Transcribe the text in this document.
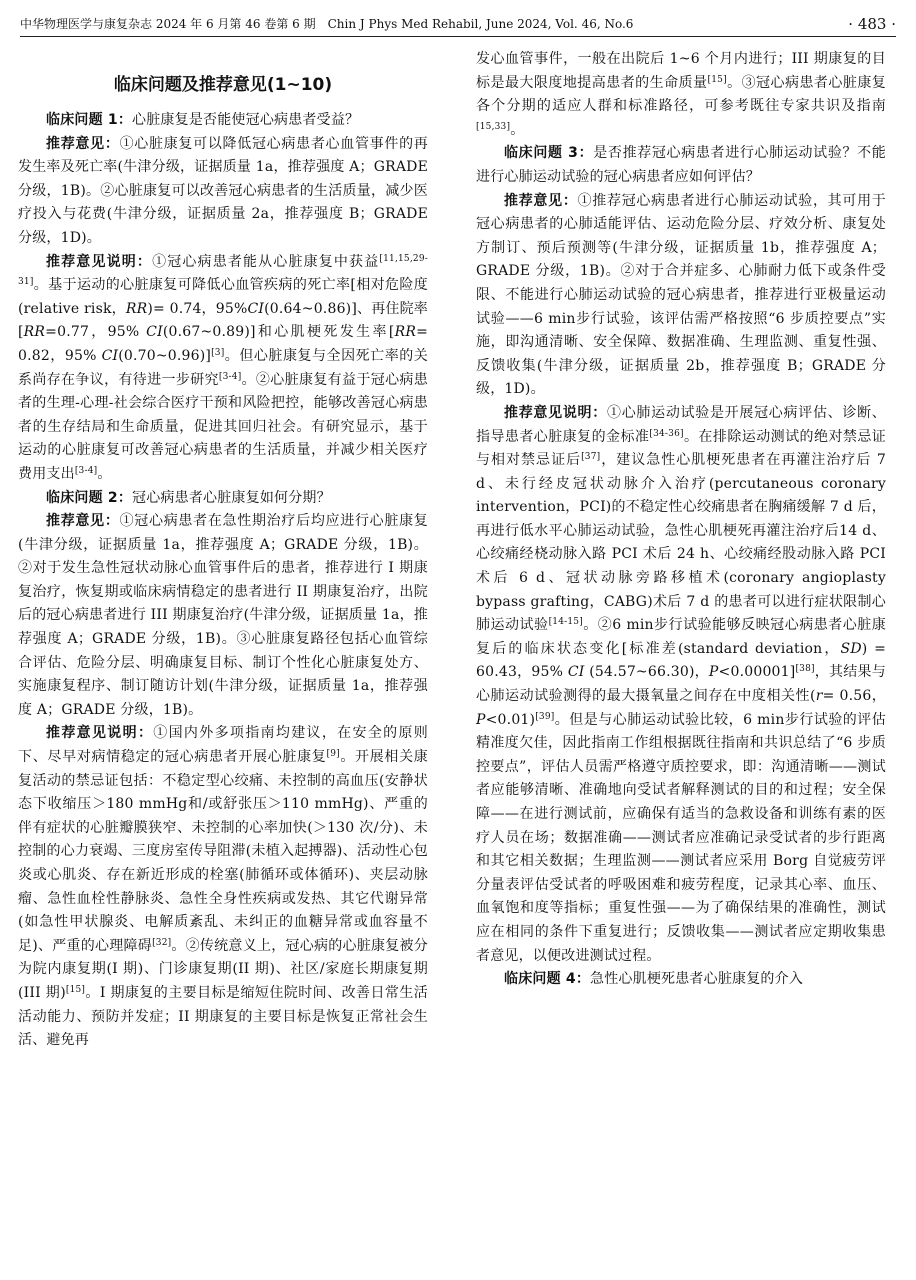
中华物理医学与康复杂志 2024 年 6 月第 46 卷第 6 期　Chin J Phys Med Rehabil, June 2024, Vol. 46, No.6	· 483 ·
临床问题及推荐意见(1~10)

临床问题 1：心脏康复是否能使冠心病患者受益？

推荐意见：①心脏康复可以降低冠心病患者心血管事件的再发生率及死亡率(牛津分级，证据质量 1a，推荐强度 A；GRADE 分级，1B)。②心脏康复可以改善冠心病患者的生活质量，减少医疗投入与花费(牛津分级，证据质量 2a，推荐强度 B；GRADE 分级，1D)。

推荐意见说明：①冠心病患者能从心脏康复中获益[11,15,29-31]。基于运动的心脏康复可降低心血管疾病的死亡率[相对危险度(relative risk，RR)= 0.74，95%CI(0.64~0.86)]、再住院率[RR=0.77，95% CI(0.67~0.89)]和心肌梗死发生率[RR= 0.82，95% CI(0.70~0.96)][3]。但心脏康复与全因死亡率的关系尚存在争议，有待进一步研究[3-4]。②心脏康复有益于冠心病患者的生理-心理-社会综合医疗干预和风险把控，能够改善冠心病患者的生存结局和生命质量，促进其回归社会。有研究显示，基于运动的心脏康复可改善冠心病患者的生活质量，并减少相关医疗费用支出[3-4]。

临床问题 2：冠心病患者心脏康复如何分期？

推荐意见：①冠心病患者在急性期治疗后均应进行心脏康复(牛津分级，证据质量 1a，推荐强度 A；GRADE 分级，1B)。②对于发生急性冠状动脉心血管事件后的患者，推荐进行 I 期康复治疗，恢复期或临床病情稳定的患者进行 II 期康复治疗，出院后的冠心病患者进行 III 期康复治疗(牛津分级，证据质量 1a，推荐强度 A；GRADE 分级，1B)。③心脏康复路径包括心血管综合评估、危险分层、明确康复目标、制订个性化心脏康复处方、实施康复程序、制订随访计划(牛津分级，证据质量 1a，推荐强度 A；GRADE 分级，1B)。

推荐意见说明：①国内外多项指南均建议，在安全的原则下、尽早对病情稳定的冠心病患者开展心脏康复[9]。开展相关康复活动的禁忌证包括：不稳定型心绞痛、未控制的高血压(安静状态下收缩压＞180 mmHg和/或舒张压＞110 mmHg)、严重的伴有症状的心脏瓣膜狭窄、未控制的心率加快(＞130 次/分)、未控制的心力衰竭、三度房室传导阻滞(未植入起搏器)、活动性心包炎或心肌炎、存在新近形成的栓塞(肺循环或体循环)、夹层动脉瘤、急性血栓性静脉炎、急性全身性疾病或发热、其它代谢异常(如急性甲状腺炎、电解质紊乱、未纠正的血糖异常或血容量不足)、严重的心理障碍[32]。②传统意义上，冠心病的心脏康复被分为院内康复期(I 期)、门诊康复期(II 期)、社区/家庭长期康复期(III 期)[15]。I 期康复的主要目标是缩短住院时间、改善日常生活活动能力、预防并发症；II 期康复的主要目标是恢复正常社会生活、避免再

发心血管事件，一般在出院后 1~6 个月内进行；III 期康复的目标是最大限度地提高患者的生命质量[15]。③冠心病患者心脏康复各个分期的适应人群和标准路径，可参考既往专家共识及指南[15,33]。

临床问题 3：是否推荐冠心病患者进行心肺运动试验？不能进行心肺运动试验的冠心病患者应如何评估？

推荐意见：①推荐冠心病患者进行心肺运动试验，其可用于冠心病患者的心肺适能评估、运动危险分层、疗效分析、康复处方制订、预后预测等(牛津分级，证据质量 1b，推荐强度 A；GRADE 分级，1B)。②对于合并症多、心肺耐力低下或条件受限、不能进行心肺运动试验的冠心病患者，推荐进行亚极量运动试验——6 min步行试验，该评估需严格按照“6 步质控要点”实施，即沟通清晰、安全保障、数据准确、生理监测、重复性强、反馈收集(牛津分级，证据质量 2b，推荐强度 B；GRADE 分级，1D)。

推荐意见说明：①心肺运动试验是开展冠心病评估、诊断、指导患者心脏康复的金标准[34-36]。在排除运动测试的绝对禁忌证与相对禁忌证后[37]，建议急性心肌梗死患者在再灌注治疗后 7 d、未行经皮冠状动脉介入治疗(percutaneous coronary intervention，PCI)的不稳定性心绞痛患者在胸痛缓解 7 d 后，再进行低水平心肺运动试验，急性心肌梗死再灌注治疗后14 d、心绞痛经桡动脉入路 PCI 术后 24 h、心绞痛经股动脉入路 PCI 术后 6 d、冠状动脉旁路移植术(coronary angioplasty bypass grafting，CABG)术后 7 d 的患者可以进行症状限制心肺运动试验[14-15]。②6 min步行试验能够反映冠心病患者心脏康复后的临床状态变化[标准差(standard deviation，SD) = 60.43，95% CI (54.57~66.30)，P<0.00001][38]，其结果与心肺运动试验测得的最大摄氧量之间存在中度相关性(r= 0.56，P<0.01)[39]。但是与心肺运动试验比较，6 min步行试验的评估精准度欠佳，因此指南工作组根据既往指南和共识总结了“6 步质控要点”，评估人员需严格遵守质控要求，即：沟通清晰——测试者应能够清晰、准确地向受试者解释测试的目的和过程；安全保障——在进行测试前，应确保有适当的急救设备和训练有素的医疗人员在场；数据准确——测试者应准确记录受试者的步行距离和其它相关数据；生理监测——测试者应采用 Borg 自觉疲劳评分量表评估受试者的呼吸困难和疲劳程度，记录其心率、血压、血氧饱和度等指标；重复性强——为了确保结果的准确性，测试应在相同的条件下重复进行；反馈收集——测试者应定期收集患者意见，以便改进测试过程。

临床问题 4：急性心肌梗死患者心脏康复的介入
